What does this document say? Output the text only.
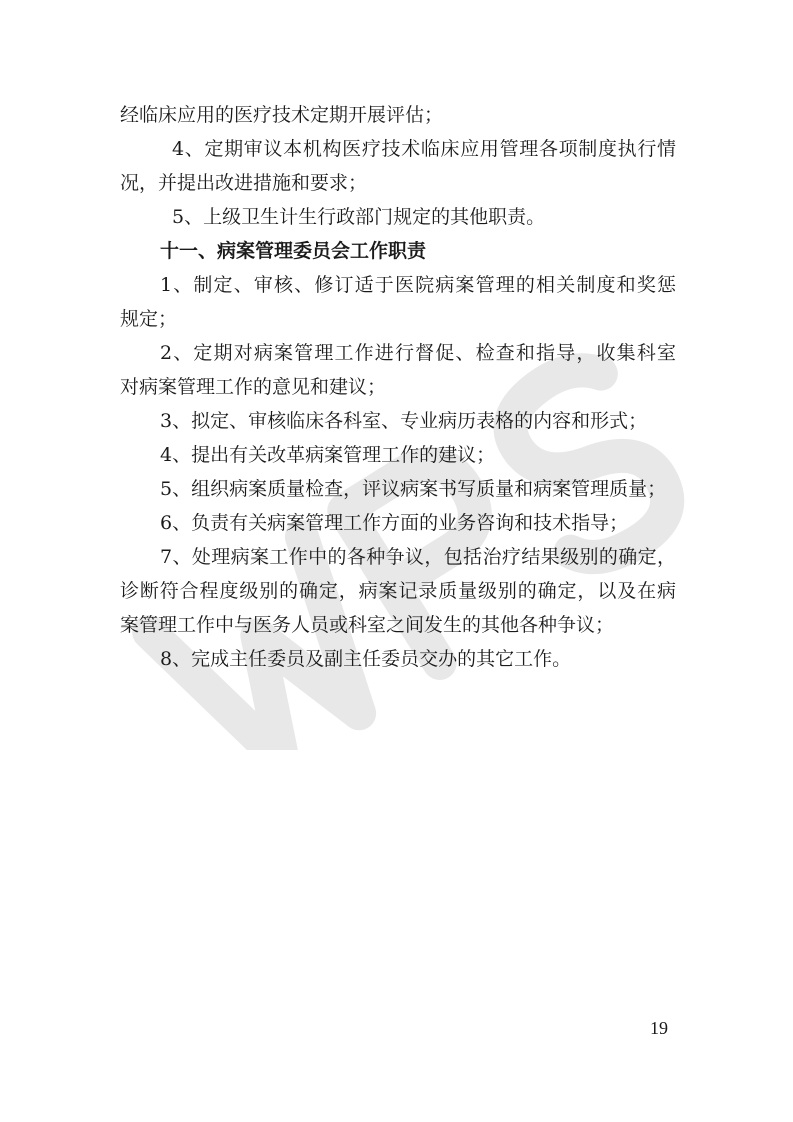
经临床应用的医疗技术定期开展评估；
4、定期审议本机构医疗技术临床应用管理各项制度执行情
况，并提出改进措施和要求；
5、上级卫生计生行政部门规定的其他职责。
十一、病案管理委员会工作职责
1、制定、审核、修订适于医院病案管理的相关制度和奖惩
规定；
2、定期对病案管理工作进行督促、检查和指导，收集科室
对病案管理工作的意见和建议；
3、拟定、审核临床各科室、专业病历表格的内容和形式；
4、提出有关改革病案管理工作的建议；
5、组织病案质量检查，评议病案书写质量和病案管理质量；
6、负责有关病案管理工作方面的业务咨询和技术指导；
7、处理病案工作中的各种争议，包括治疗结果级别的确定，
诊断符合程度级别的确定，病案记录质量级别的确定，以及在病
案管理工作中与医务人员或科室之间发生的其他各种争议；
8、完成主任委员及副主任委员交办的其它工作。
19
